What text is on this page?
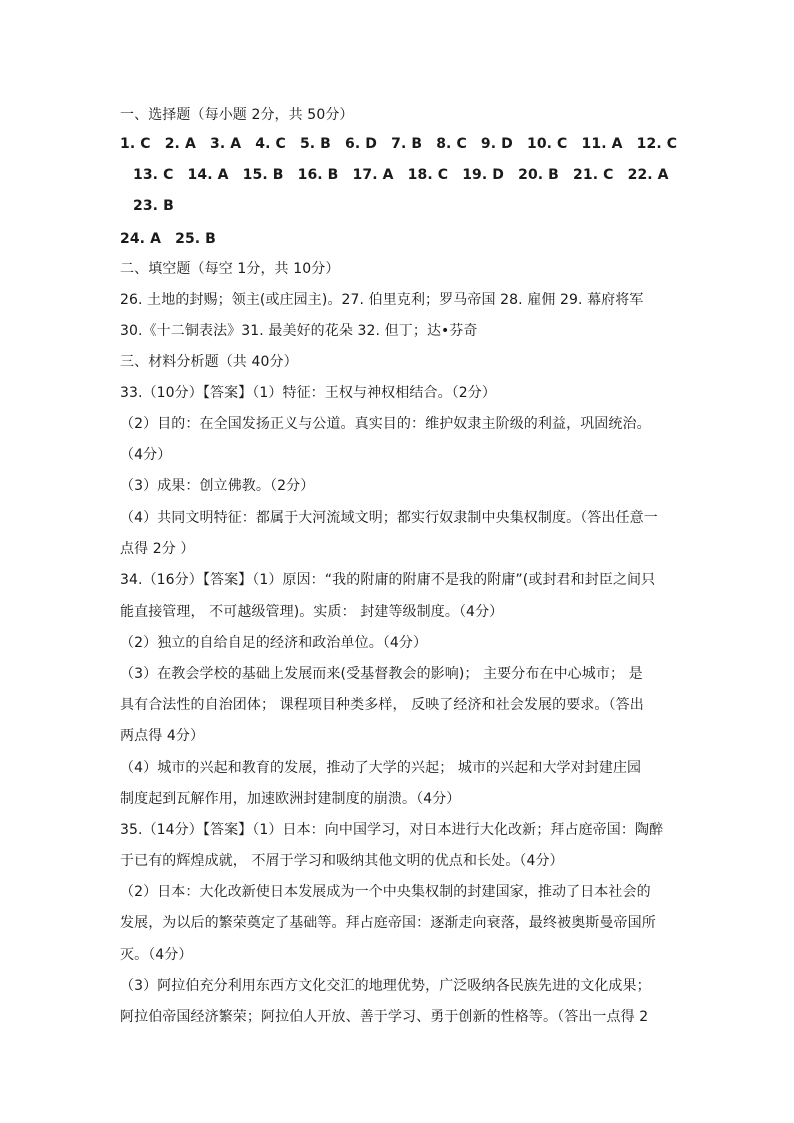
一、选择题（每小题 2分，共 50分）
1. C　2. A　3. A　4. C　5. B　6. D　7. B　8. C　9. D　10. C　11. A　12. C
13. C　14. A　15. B　16. B　17. A　18. C　19. D　20. B　21. C　22. A
23. B
24. A　25. B
二、填空题（每空 1分，共 10分）
26. 土地的封赐；领主(或庄园主)。27. 伯里克利；罗马帝国 28. 雇佣 29. 幕府将军
30.《十二铜表法》31. 最美好的花朵 32. 但丁；达•芬奇
三、材料分析题（共 40分）
33.（10分）【答案】（1）特征：王权与神权相结合。（2分）
（2）目的：在全国发扬正义与公道。真实目的：维护奴隶主阶级的利益，巩固统治。
（4分）
（3）成果：创立佛教。（2分）
（4）共同文明特征：都属于大河流域文明；都实行奴隶制中央集权制度。（答出任意一
点得 2分 ）
34.（16分）【答案】（1）原因：“我的附庸的附庸不是我的附庸”(或封君和封臣之间只
能直接管理， 不可越级管理)。实质： 封建等级制度。（4分）
（2）独立的自给自足的经济和政治单位。（4分）
（3）在教会学校的基础上发展而来(受基督教会的影响)； 主要分布在中心城市； 是
具有合法性的自治团体； 课程项目种类多样， 反映了经济和社会发展的要求。（答出
两点得 4分）
（4）城市的兴起和教育的发展，推动了大学的兴起； 城市的兴起和大学对封建庄园
制度起到瓦解作用，加速欧洲封建制度的崩溃。（4分）
35.（14分）【答案】（1）日本：向中国学习，对日本进行大化改新；拜占庭帝国：陶醉
于已有的辉煌成就， 不屑于学习和吸纳其他文明的优点和长处。（4分）
（2）日本：大化改新使日本发展成为一个中央集权制的封建国家，推动了日本社会的
发展，为以后的繁荣奠定了基础等。拜占庭帝国：逐渐走向衰落，最终被奥斯曼帝国所
灭。（4分）
（3）阿拉伯充分利用东西方文化交汇的地理优势，广泛吸纳各民族先进的文化成果；
阿拉伯帝国经济繁荣；阿拉伯人开放、善于学习、勇于创新的性格等。（答出一点得 2
